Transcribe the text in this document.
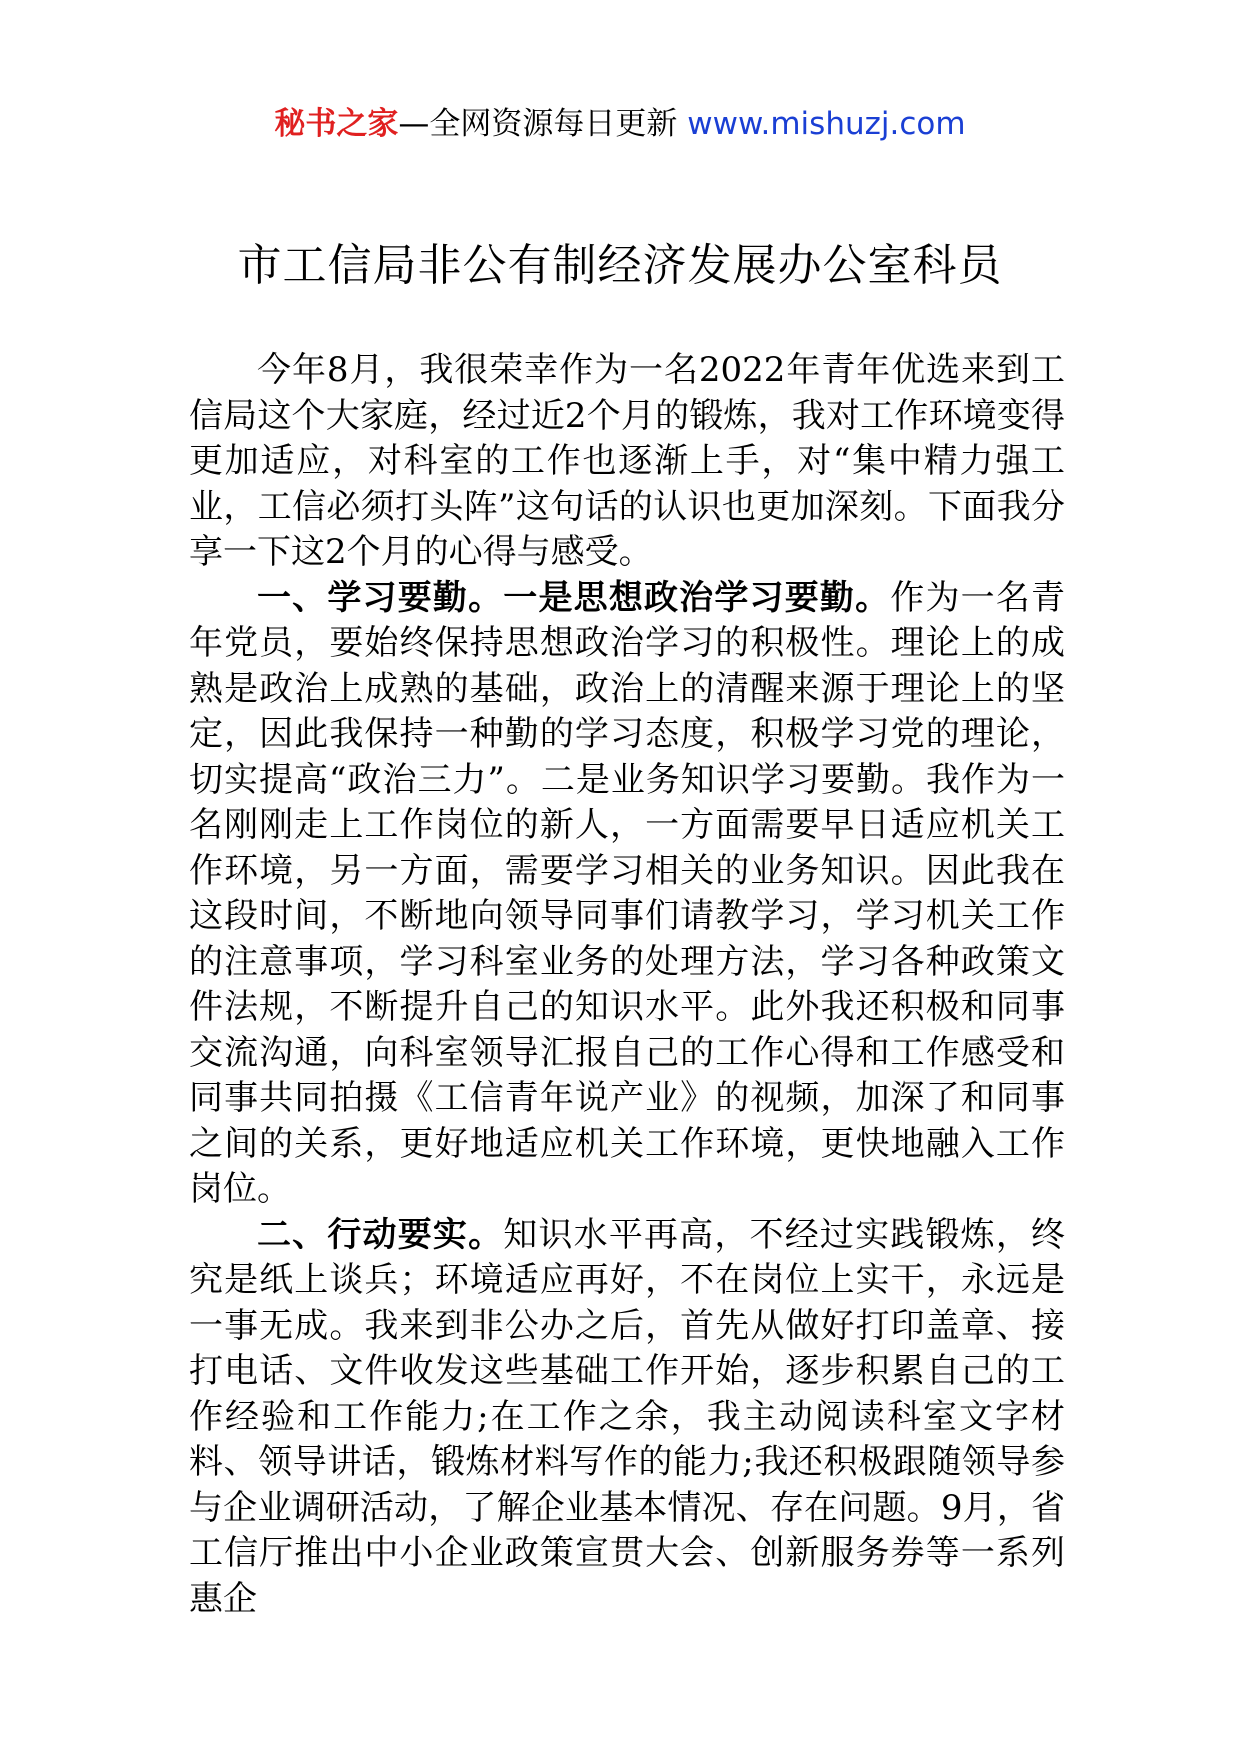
秘书之家—全网资源每日更新 www.mishuzj.com
市工信局非公有制经济发展办公室科员

今年8月，我很荣幸作为一名2022年青年优选来到工信局这个大家庭，经过近2个月的锻炼，我对工作环境变得更加适应，对科室的工作也逐渐上手，对“集中精力强工业，工信必须打头阵”这句话的认识也更加深刻。下面我分享一下这2个月的心得与感受。

一、学习要勤。一是思想政治学习要勤。作为一名青年党员，要始终保持思想政治学习的积极性。理论上的成熟是政治上成熟的基础，政治上的清醒来源于理论上的坚定，因此我保持一种勤的学习态度，积极学习党的理论，切实提高“政治三力”。二是业务知识学习要勤。我作为一名刚刚走上工作岗位的新人，一方面需要早日适应机关工作环境，另一方面，需要学习相关的业务知识。因此我在这段时间，不断地向领导同事们请教学习，学习机关工作的注意事项，学习科室业务的处理方法，学习各种政策文件法规，不断提升自己的知识水平。此外我还积极和同事交流沟通，向科室领导汇报自己的工作心得和工作感受和同事共同拍摄《工信青年说产业》的视频，加深了和同事之间的关系，更好地适应机关工作环境，更快地融入工作岗位。

二、行动要实。知识水平再高，不经过实践锻炼，终究是纸上谈兵；环境适应再好，不在岗位上实干，永远是一事无成。我来到非公办之后，首先从做好打印盖章、接打电话、文件收发这些基础工作开始，逐步积累自己的工作经验和工作能力;在工作之余，我主动阅读科室文字材料、领导讲话，锻炼材料写作的能力;我还积极跟随领导参与企业调研活动，了解企业基本情况、存在问题。9月，省工信厅推出中小企业政策宣贯大会、创新服务券等一系列惠企
